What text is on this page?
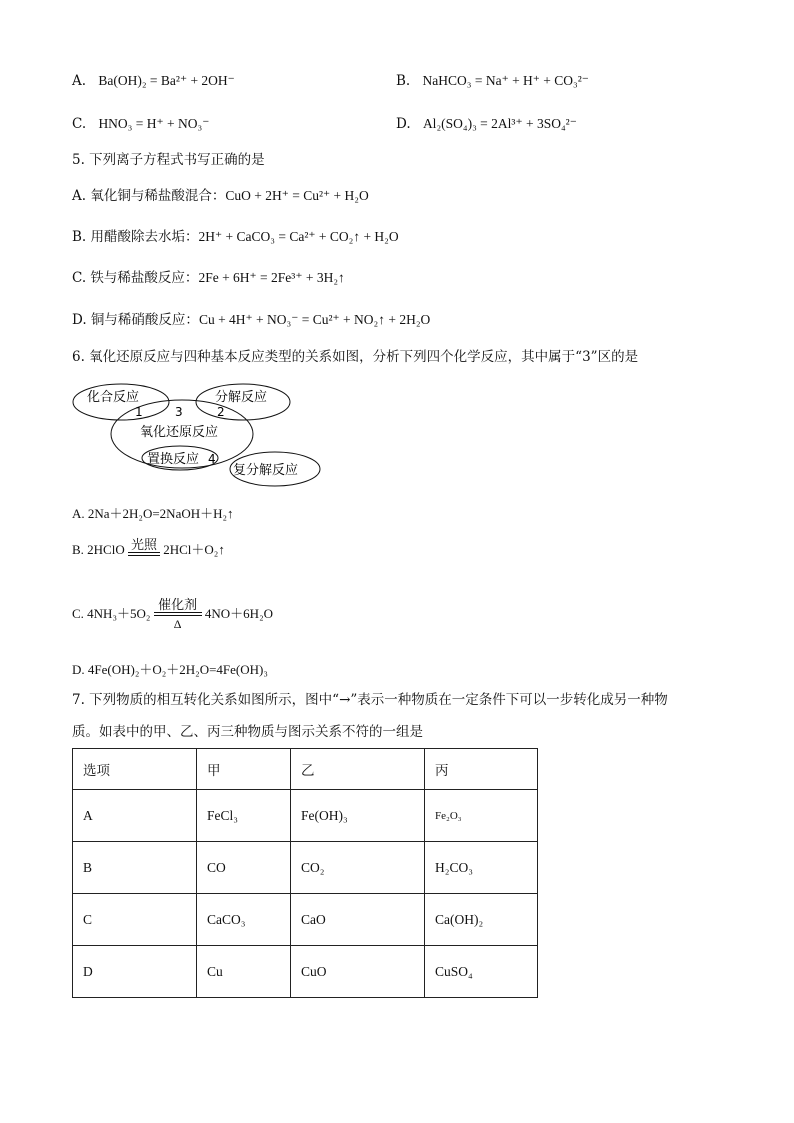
A. Ba(OH)₂ = Ba²⁺ + 2OH⁻	B. NaHCO₃ = Na⁺ + H⁺ + CO₃²⁻
C. HNO₃ = H⁺ + NO₃⁻	D. Al₂(SO₄)₃ = 2Al³⁺ + 3SO₄²⁻
5. 下列离子方程式书写正确的是
A. 氧化铜与稀盐酸混合：CuO + 2H⁺ = Cu²⁺ + H₂O
B. 用醋酸除去水垢：2H⁺ + CaCO₃ = Ca²⁺ + CO₂↑ + H₂O
C. 铁与稀盐酸反应：2Fe + 6H⁺ = 2Fe³⁺ + 3H₂↑
D. 铜与稀硝酸反应：Cu + 4H⁺ + NO₃⁻ = Cu²⁺ + NO₂↑ + 2H₂O
6. 氧化还原反应与四种基本反应类型的关系如图，分析下列四个化学反应，其中属于“3”区的是
化合反应	分解反应
氧化还原反应
置换反应
复分解反应
1	3	2
4
A. 2Na＋2H₂O=2NaOH＋H₂↑
B. 2HClO 光照 2HCl＋O₂↑
C. 4NH₃＋5O₂
催化剂
Δ
4NO＋6H₂O
D. 4Fe(OH)₂＋O₂＋2H₂O=4Fe(OH)₃
7. 下列物质的相互转化关系如图所示，图中“→”表示一种物质在一定条件下可以一步转化成另一种物
质。如表中的甲、乙、丙三种物质与图示关系不符的一组是
选项	甲	乙	丙
A	FeCl₃	Fe(OH)₃	Fe₂O₃
B	CO	CO₂	H₂CO₃
C	CaCO₃	CaO	Ca(OH)₂
D	Cu	CuO	CuSO₄
